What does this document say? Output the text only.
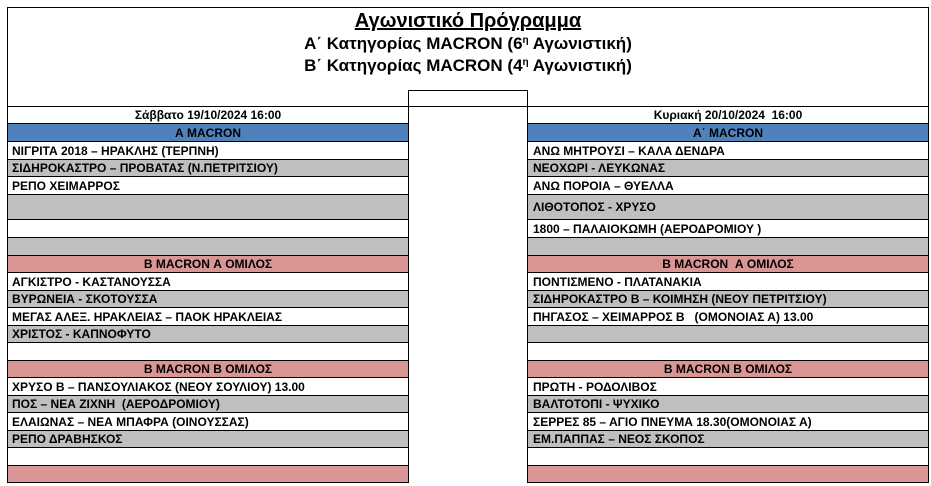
Αγωνιστικό Πρόγραμμα
Α΄ Κατηγορίας MACRON ($6^\eta$ Αγωνιστική)
Β΄ Κατηγορίας MACRON ($4^\eta$ Αγωνιστική)
Σάββατο 19/10/2024 16:00
Α MACRON
ΝΙΓΡΙΤΑ 2018 – ΗΡΑΚΛΗΣ (ΤΕΡΠΝΗ)
ΣΙΔΗΡΟΚΑΣΤΡΟ – ΠΡΟΒΑΤΑΣ (Ν.ΠΕΤΡΙΤΣΙΟΥ)
ΡΕΠΟ ΧΕΙΜΑΡΡΟΣ
Β MACRON Α ΟΜΙΛΟΣ
ΑΓΚΙΣΤΡΟ - ΚΑΣΤΑΝΟΥΣΣΑ
ΒΥΡΩΝΕΙΑ - ΣΚΟΤΟΥΣΣΑ
ΜΕΓΑΣ ΑΛΕΞ. ΗΡΑΚΛΕΙΑΣ – ΠΑΟΚ ΗΡΑΚΛΕΙΑΣ
ΧΡΙΣΤΟΣ - ΚΑΠΝΟΦΥΤΟ
Β MACRON Β ΟΜΙΛΟΣ
ΧΡΥΣΟ Β – ΠΑΝΣΟΥΛΙΑΚΟΣ (ΝΕΟΥ ΣΟΥΛΙΟΥ) 13.00
ΠΟΣ – ΝΕΑ ΖΙΧΝΗ  (ΑΕΡΟΔΡΟΜΙΟΥ)
ΕΛΑΙΩΝΑΣ – ΝΕΑ ΜΠΑΦΡΑ (ΟΙΝΟΥΣΣΑΣ)
ΡΕΠΟ ΔΡΑΒΗΣΚΟΣ
Κυριακή 20/10/2024  16:00
Α΄ MACRON
ΑΝΩ ΜΗΤΡΟΥΣΙ – ΚΑΛΑ ΔΕΝΔΡΑ
ΝΕΟΧΩΡΙ - ΛΕΥΚΩΝΑΣ
ΑΝΩ ΠΟΡΟΙΑ – ΘΥΕΛΛΑ
ΛΙΘΟΤΟΠΟΣ - ΧΡΥΣΟ
1800 – ΠΑΛΑΙΟΚΩΜΗ (ΑΕΡΟΔΡΟΜΙΟΥ )
Β MACRON  Α ΟΜΙΛΟΣ
ΠΟΝΤΙΣΜΕΝΟ - ΠΛΑΤΑΝΑΚΙΑ
ΣΙΔΗΡΟΚΑΣΤΡΟ Β – ΚΟΙΜΗΣΗ (ΝΕΟΥ ΠΕΤΡΙΤΣΙΟΥ)
ΠΗΓΑΣΟΣ – ΧΕΙΜΑΡΡΟΣ Β   (ΟΜΟΝΟΙΑΣ Α) 13.00
Β MACRON Β ΟΜΙΛΟΣ
ΠΡΩΤΗ - ΡΟΔΟΛΙΒΟΣ
ΒΑΛΤΟΤΟΠΙ - ΨΥΧΙΚΟ
ΣΕΡΡΕΣ 85 – ΑΓΙΟ ΠΝΕΥΜΑ 18.30(ΟΜΟΝΟΙΑΣ Α)
ΕΜ.ΠΑΠΠΑΣ – ΝΕΟΣ ΣΚΟΠΟΣ
